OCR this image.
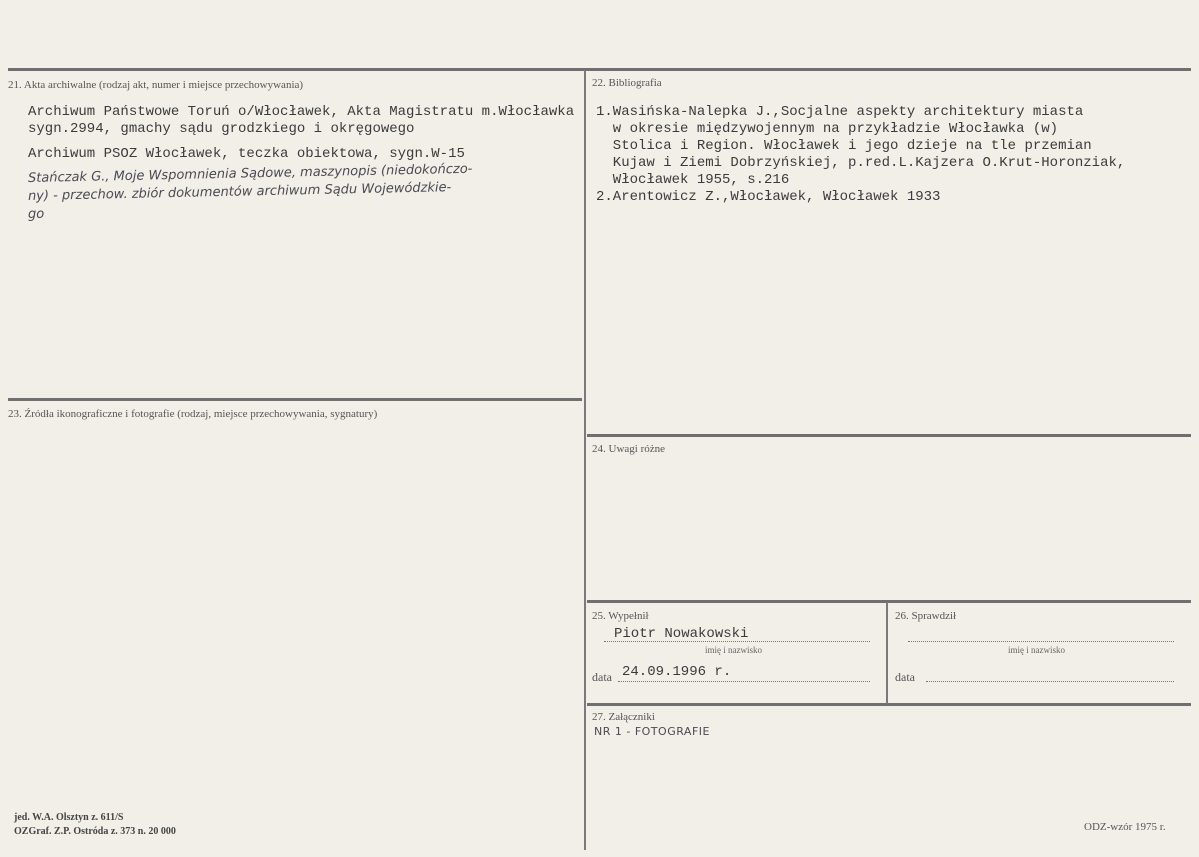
21. Akta archiwalne (rodzaj akt, numer i miejsce przechowywania)
Archiwum Państwowe Toruń o/Włocławek, Akta Magistratu m.Włocławka
sygn.2994, gmachy sądu grodzkiego i okręgowego
Archiwum PSOZ Włocławek, teczka obiektowa, sygn.W-15
Stańczak G., Moje Wspomnienia Sądowe, maszynopis (niedokończo-
ny) - przechow. zbiór dokumentów archiwum Sądu Wojewódzkie-
go
22. Bibliografia
1.Wasińska-Nalepka J.,Socjalne aspekty architektury miasta
w okresie międzywojennym na przykładzie Włocławka (w)
Stolica i Region. Włocławek i jego dzieje na tle przemian
Kujaw i Ziemi Dobrzyńskiej, p.red.L.Kajzera O.Krut-Horonziak,
Włocławek 1955, s.216
2.Arentowicz Z.,Włocławek, Włocławek 1933
23. Źródła ikonograficzne i fotografie (rodzaj, miejsce przechowywania, sygnatury)
24. Uwagi różne
25. Wypełnił
Piotr Nowakowski
imię i nazwisko
data 24.09.1996 r.
26. Sprawdził
imię i nazwisko
data
27. Załączniki
NR 1 - FOTOGRAFIE
jed. W.A. Olsztyn z. 611/S
OZGraf. Z.P. Ostróda z. 373 n. 20 000	ODZ-wzór 1975 r.
